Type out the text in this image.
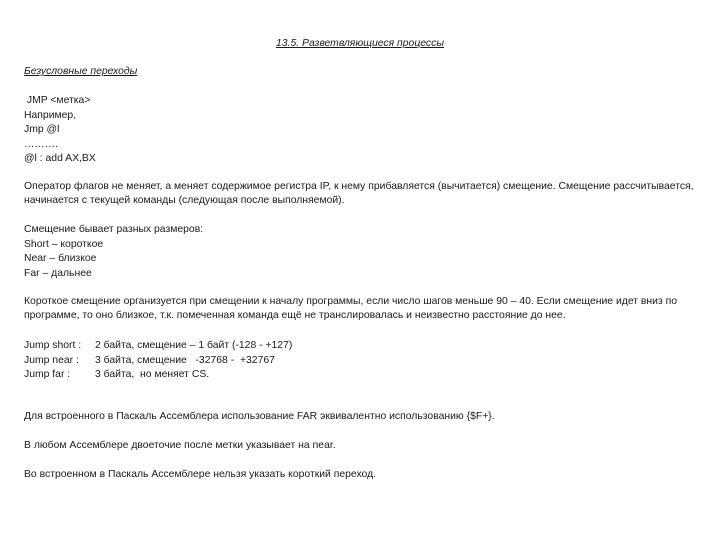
13.5. Разветвляющиеся процессы
Безусловные переходы
JMP <метка>
Например,
Jmp @l
……….
@l : add AX,BX
Оператор флагов не меняет, а меняет содержимое регистра IP, к нему прибавляется (вычитается) смещение. Смещение рассчитывается, начинается с текущей команды (следующая после выполняемой).
Смещение бывает разных размеров:
Short – короткое
Near – близкое
Far – дальнее
Короткое смещение организуется при смещении к началу программы, если число шагов меньше 90 – 40. Если смещение идет вниз по программе, то оно близкое, т.к. помеченная команда ещё не транслировалась и неизвестно расстояние до нее.
Jump short :	2 байта, смещение – 1 байт (-128 - +127)
Jump near :	3 байта, смещение   -32768 -  +32767
Jump far :	3 байта,  но меняет CS.
Для встроенного в Паскаль Ассемблера использование FAR эквивалентно использованию {$F+}.
В любом Ассемблере двоеточие после метки указывает на near.
Во встроенном в Паскаль Ассемблере нельзя указать короткий переход.
